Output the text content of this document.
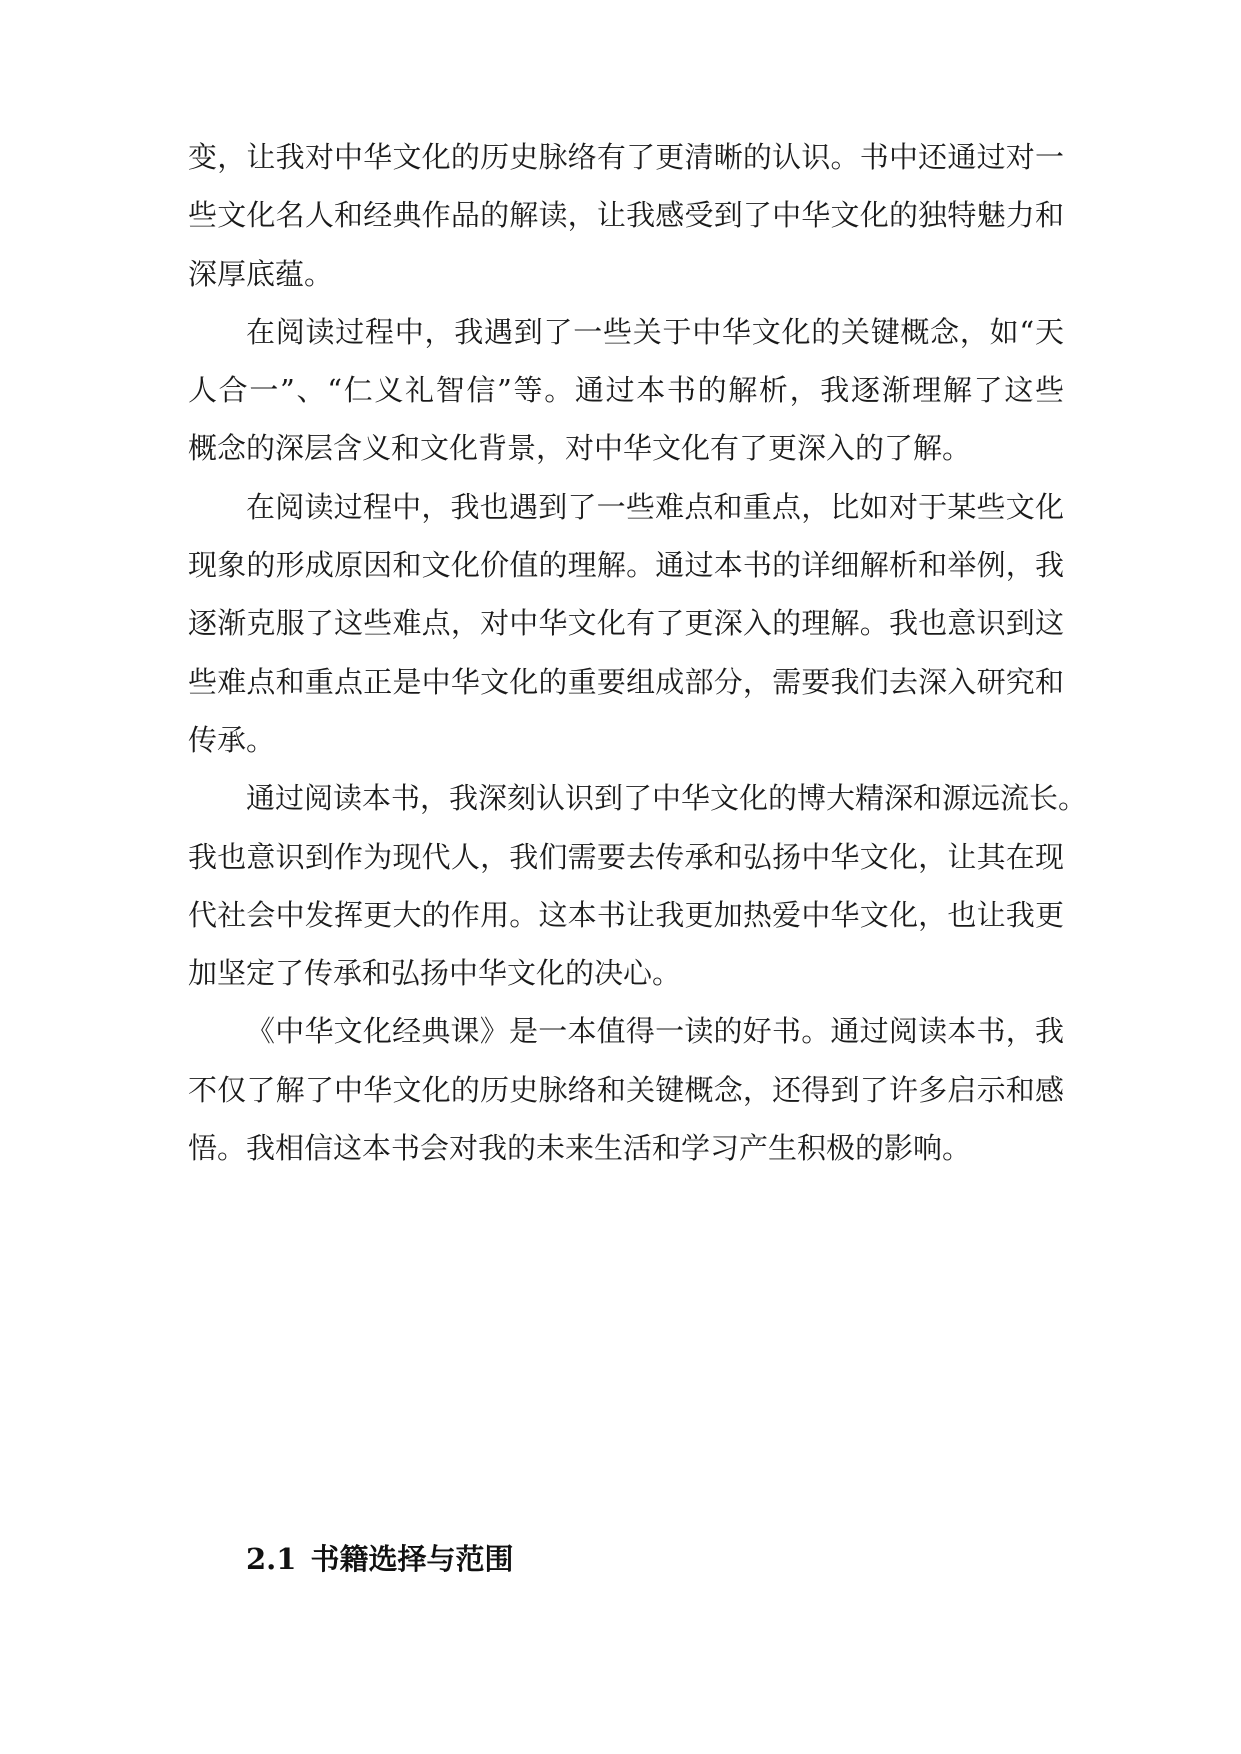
变，让我对中华文化的历史脉络有了更清晰的认识。书中还通过对一
些文化名人和经典作品的解读，让我感受到了中华文化的独特魅力和
深厚底蕴。
在阅读过程中，我遇到了一些关于中华文化的关键概念，如“天
人合一”、“仁义礼智信”等。通过本书的解析，我逐渐理解了这些
概念的深层含义和文化背景，对中华文化有了更深入的了解。
在阅读过程中，我也遇到了一些难点和重点，比如对于某些文化
现象的形成原因和文化价值的理解。通过本书的详细解析和举例，我
逐渐克服了这些难点，对中华文化有了更深入的理解。我也意识到这
些难点和重点正是中华文化的重要组成部分，需要我们去深入研究和
传承。
通过阅读本书，我深刻认识到了中华文化的博大精深和源远流长。
我也意识到作为现代人，我们需要去传承和弘扬中华文化，让其在现
代社会中发挥更大的作用。这本书让我更加热爱中华文化，也让我更
加坚定了传承和弘扬中华文化的决心。
《中华文化经典课》是一本值得一读的好书。通过阅读本书，我
不仅了解了中华文化的历史脉络和关键概念，还得到了许多启示和感
悟。我相信这本书会对我的未来生活和学习产生积极的影响。
2.1 书籍选择与范围
